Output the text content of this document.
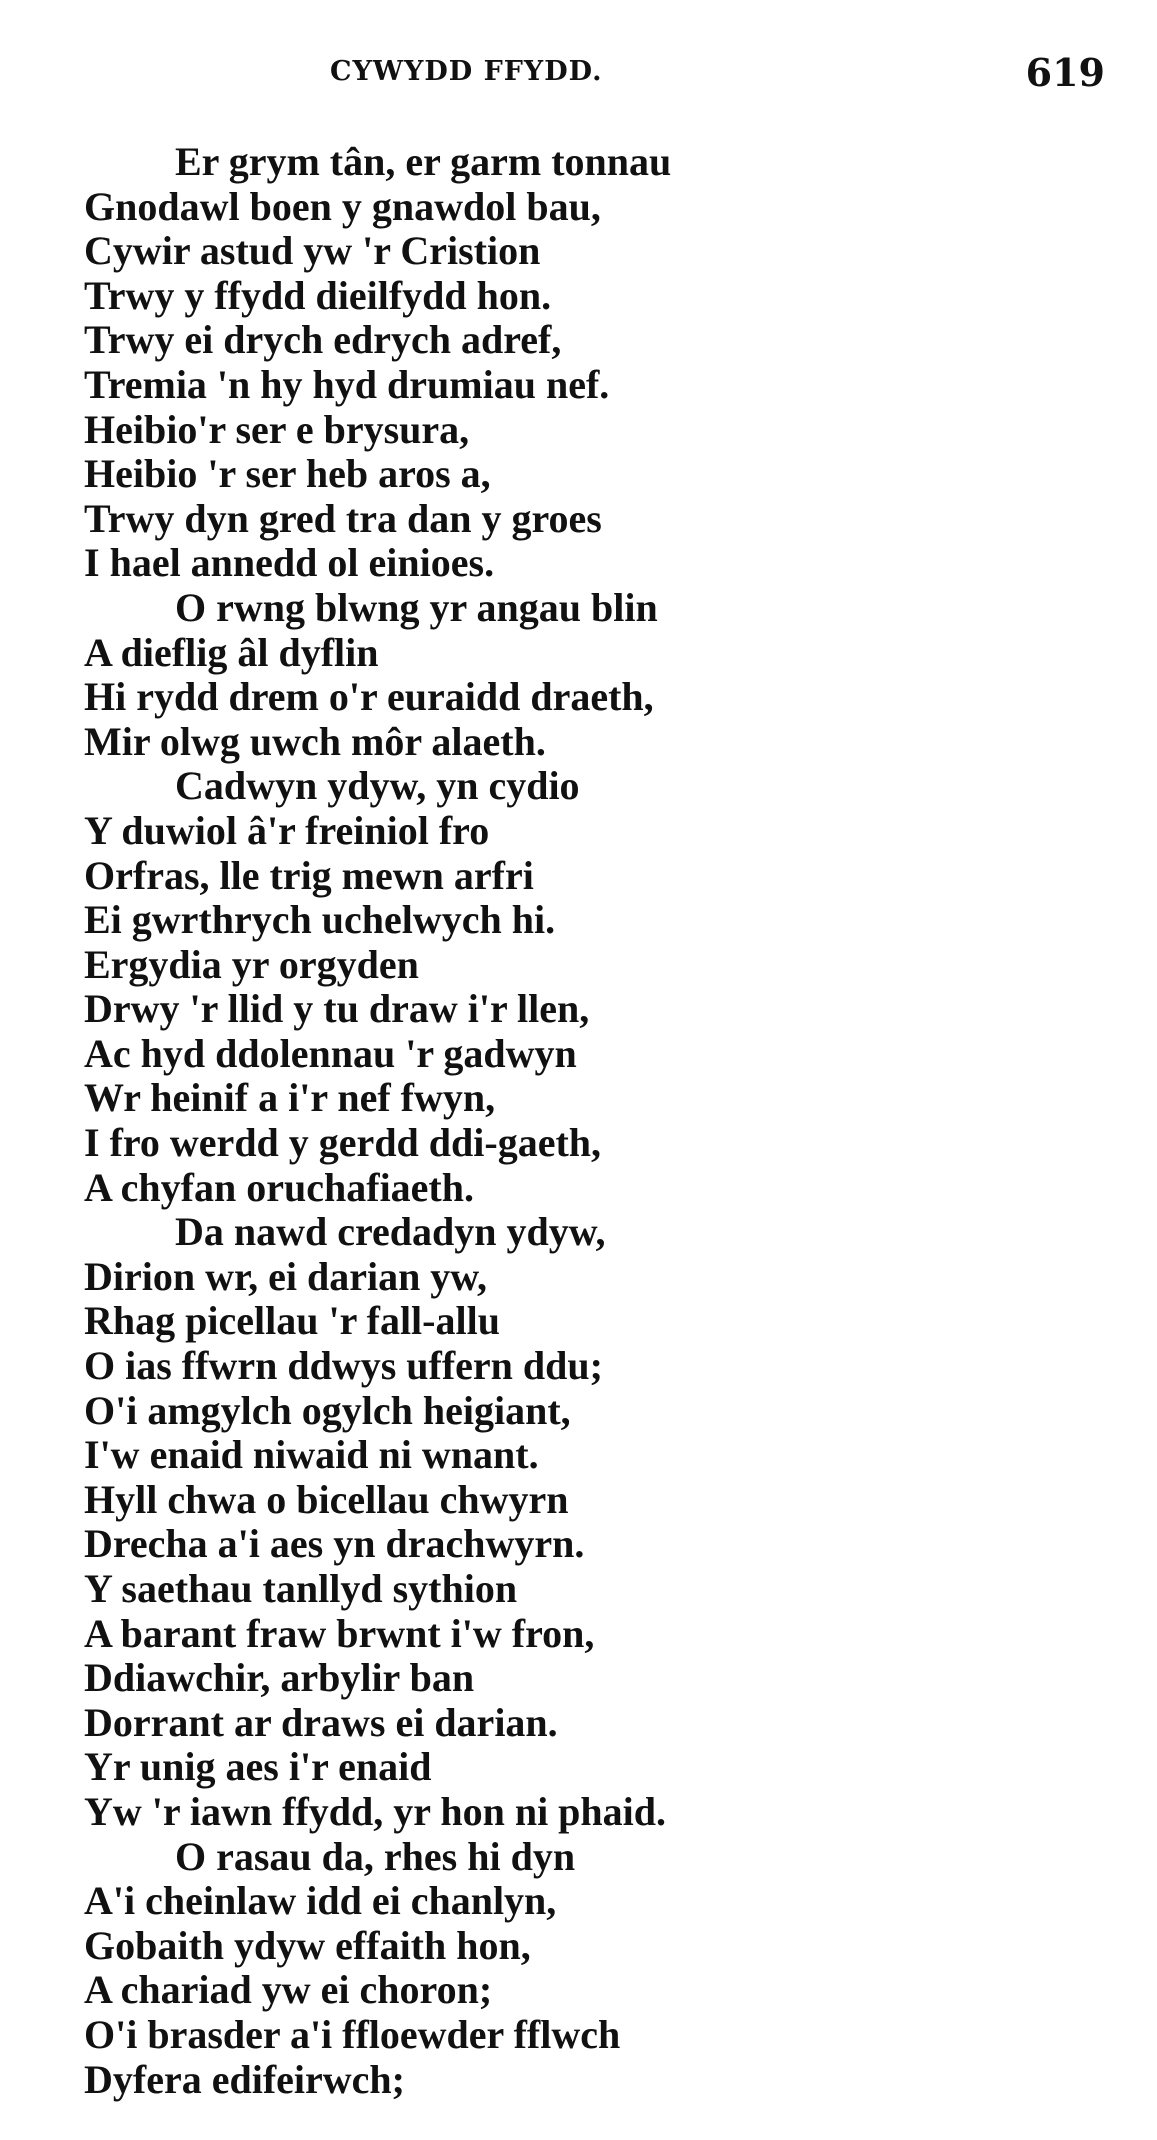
CYWYDD FFYDD.	619
Er grym tân, er garm tonnau
Gnodawl boen y gnawdol bau,
Cywir astud yw 'r Cristion
Trwy y ffydd dieilfydd hon.
Trwy ei drych edrych adref,
Tremia 'n hy hyd drumiau nef.
Heibio'r ser e brysura,
Heibio 'r ser heb aros a,
Trwy dyn gred tra dan y groes
I hael annedd ol einioes.
O rwng blwng yr angau blin
A dieflig âl dyflin
Hi rydd drem o'r euraidd draeth,
Mir olwg uwch môr alaeth.
Cadwyn ydyw, yn cydio
Y duwiol â'r freiniol fro
Orfras, lle trig mewn arfri
Ei gwrthrych uchelwych hi.
Ergydia yr orgyden
Drwy 'r llid y tu draw i'r llen,
Ac hyd ddolennau 'r gadwyn
Wr heinif a i'r nef fwyn,
I fro werdd y gerdd ddi-gaeth,
A chyfan oruchafiaeth.
Da nawd credadyn ydyw,
Dirion wr, ei darian yw,
Rhag picellau 'r fall-allu
O ias ffwrn ddwys uffern ddu;
O'i amgylch ogylch heigiant,
I'w enaid niwaid ni wnant.
Hyll chwa o bicellau chwyrn
Drecha a'i aes yn drachwyrn.
Y saethau tanllyd sythion
A barant fraw brwnt i'w fron,
Ddiawchir, arbylir ban
Dorrant ar draws ei darian.
Yr unig aes i'r enaid
Yw 'r iawn ffydd, yr hon ni phaid.
O rasau da, rhes hi dyn
A'i cheinlaw idd ei chanlyn,
Gobaith ydyw effaith hon,
A chariad yw ei choron;
O'i brasder a'i ffloewder fflwch
Dyfera edifeirwch;
